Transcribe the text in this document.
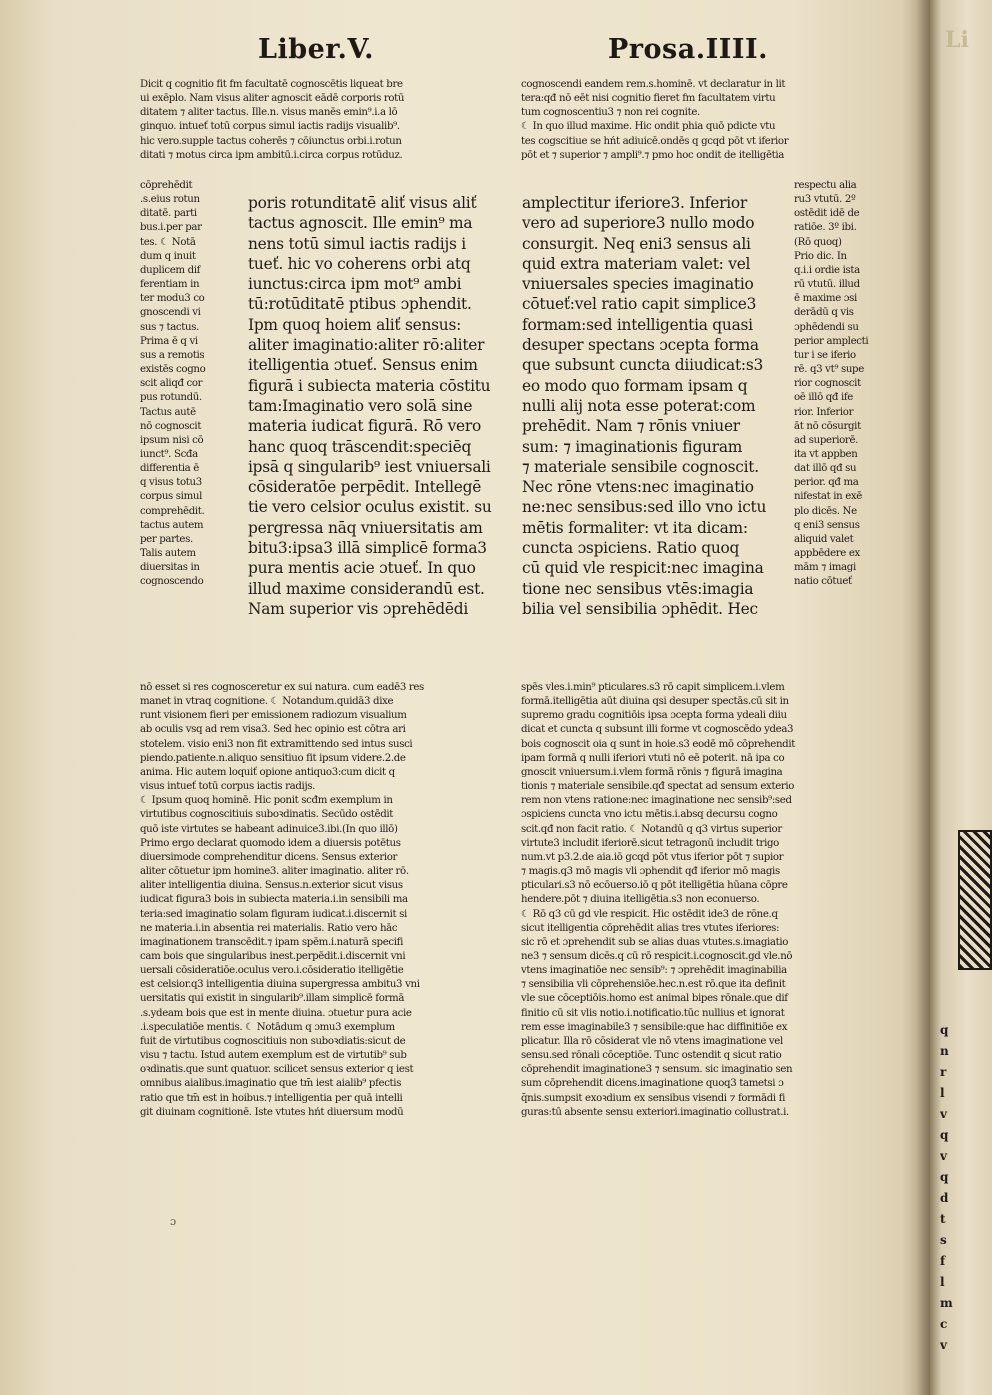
Liber.V.	Prosa.IIII.

Dicit q cognitio fit fm facultatē cognoscētis liqueat bre
ui exēplo. Nam visus aliter agnoscit eādē corporis rotū
ditatem ⁊ aliter tactus. Ille.n. visus manēs emin⁹.i.a lō
ginquo. intueť totū corpus simul iactis radijs visualib⁹.
hic vero.supple tactus coherēs ⁊ cōiunctus orbi.i.rotun
ditati ⁊ motus circa ipm ambitū.i.circa corpus rotūduz.

cognoscendi eandem rem.s.hominē. vt declaratur in lit
tera:qđ nō eēt nisi cognitio fieret fm facultatem virtu
tum cognoscentiu3 ⁊ non rei cognite.
☾ In quo illud maxime. Hic ondit phia quō pdicte vtu
tes cogscitiue se hńt adiuicē.ondēs q gcqd pōt vt iferior
pōt et ⁊ superior ⁊ ampli⁹.⁊ pmo hoc ondit de itelligētia

cōprehēdit
.s.eius rotun
ditatē. parti
bus.i.per par
tes. ☾ Notā
dum q inuit
duplicem dif
ferentiam in
ter modu3 co
gnoscendi vi
sus ⁊ tactus.
Prima ē q vi
sus a remotis
existēs cogno
scit aliqđ cor
pus rotundū.
Tactus autē
nō cognoscit
ipsum nisi cō
iunct⁹. Scđa
differentia ē
q visus totu3
corpus simul
comprehēdit.
tactus autem
per partes.
Talis autem
diuersitas in
cognoscendo

poris rotunditatē aliť visus aliť
tactus agnoscit. Ille emin⁹ ma
nens totū simul iactis radijs i
tueť. hic vo coherens orbi atq
iunctus:circa ipm mot⁹ ambi
tū:rotūditatē ptibus ɔphendit.
Ipm quoq hoiem aliť sensus:
aliter imaginatio:aliter rō:aliter
itelligentia ɔtueť. Sensus enim
figurā i subiecta materia cōstitu
tam:Imaginatio vero solā sine
materia iudicat figurā. Rō vero
hanc quoq trāscendit:speciēq
ipsā q singularib⁹ iest vniuersali
cōsideratōe perpēdit. Intellegē
tie vero celsior oculus existit. su
pergressa nāq vniuersitatis am
bitu3:ipsa3 illā simplicē forma3
pura mentis acie ɔtueť. In quo
illud maxime considerandū est.
Nam superior vis ɔprehēdēdi

amplectitur iferiore3. Inferior
vero ad superiore3 nullo modo
consurgit. Neq eni3 sensus ali
quid extra materiam valet: vel
vniuersales species imaginatio
cōtueť:vel ratio capit simplice3
formam:sed intelligentia quasi
desuper spectans ɔcepta forma
que subsunt cuncta diiudicat:s3
eo modo quo formam ipsam q
nulli alij nota esse poterat:com
prehēdit. Nam ⁊ rōnis vniuer
sum: ⁊ imaginationis figuram
⁊ materiale sensibile cognoscit.
Nec rōne vtens:nec imaginatio
ne:nec sensibus:sed illo vno ictu
mētis formaliter: vt ita dicam:
cuncta ɔspiciens. Ratio quoq
cū quid vle respicit:nec imagina
tione nec sensibus vtēs:imagia
bilia vel sensibilia ɔphēdit. Hec

respectu alia
ru3 vtutū. 2º
ostēdit idē de
ratiōe. 3º ibi.
(Rō quoq)
Prio dic. In
q.i.i ordie ista
rū vtutū. illud
ē maxime ɔsi
derādū q vis
ɔphēdendi su
perior amplecti
tur i se iferio
rē. q3 vt⁹ supe
rior cognoscit
oē illō qđ ife
rior. Inferior
āt nō cōsurgit
ad superiorē.
ita vt appben
dat illō qđ su
perior. qđ ma
nifestat in exē
plo dicēs. Ne
q eni3 sensus
aliquid valet
appbēdere ex
mām ⁊ imagi
natio cōtueť

nō esset si res cognosceretur ex sui natura. cum eadē3 res
manet in vtraq cognitione. ☾ Notandum.quidā3 dixe
runt visionem fieri per emissionem radiozum visualium
ab oculis vsq ad rem visa3. Sed hec opinio est cōtra ari
stotelem. visio eni3 non fit extramittendo sed intus susci
piendo.patiente.n.aliquo sensitiuo fit ipsum videre.2.de
anima. Hic autem loquiť opione antiquo3:cum dicit q
visus intueť totū corpus iactis radijs.
☾ Ipsum quoq hominē. Hic ponit scđm exemplum in
virtutibus cognoscitiuis suboꝛdinatis. Secūdo ostēdit
quō iste virtutes se habeant adinuice3.ibi.(In quo illō)
Primo ergo declarat quomodo idem a diuersis potētus
diuersimode comprehenditur dicens. Sensus exterior
aliter cōtuetur ipm homine3. aliter imaginatio. aliter rō.
aliter intelligentia diuina. Sensus.n.exterior sicut visus
iudicat figura3 bois in subiecta materia.i.in sensibili ma
teria:sed imaginatio solam figuram iudicat.i.discernit si
ne materia.i.in absentia rei materialis. Ratio vero hāc
imaginationem transcēdit.⁊ ipam spēm.i.naturā specifi
cam bois que singularibus inest.perpēdit.i.discernit vni
uersali cōsideratiōe.oculus vero.i.cōsideratio itelligētie
est celsior.q3 intelligentia diuina supergressa ambitu3 vni
uersitatis qui existit in singularib⁹.illam simplicē formā
.s.ydeam bois que est in mente diuina. ɔtuetur pura acie
.i.speculatiōe mentis. ☾ Notādum q ɔmu3 exemplum
fuit de virtutibus cognoscitiuis non suboꝛdiatis:sicut de
visu ⁊ tactu. Istud autem exemplum est de virtutib⁹ sub
oꝛdinatis.que sunt quatuor. scilicet sensus exterior q iest
omnibus aialibus.imaginatio que tm̄ iest aialib⁹ pfectis
ratio que tm̄ est in hoibus.⁊ intelligentia per quā intelli
git diuinam cognitionē. Iste vtutes hńt diuersum modū

spēs vles.i.min⁹ pticulares.s3 rō capit simplicem.i.vlem
formā.itelligētia aūt diuina qsi desuper spectās.cū sit in
supremo gradu cognitiōis ipsa ɔcepta forma ydeali diiu
dicat et cuncta q subsunt illi forme vt cognoscēdo ydea3
bois cognoscit oia q sunt in hoie.s3 eodē mō cōprehendit
ipam formā q nulli iferiori vtuti nō eē poterit. nā ipa co
gnoscit vniuersum.i.vlem formā rōnis ⁊ figurā imagina
tionis ⁊ materiale sensibile.qđ spectat ad sensum exterio
rem non vtens ratione:nec imaginatione nec sensib⁹:sed
ɔspiciens cuncta vno ictu mētis.i.absq decursu cogno
scit.qđ non facit ratio. ☾ Notandū q q3 virtus superior
virtute3 includit iferiorē.sicut tetragonū includit trigo
num.vt p3.2.de aia.iō gcqd pōt vtus iferior pōt ⁊ supior
⁊ magis.q3 mō magis vli ɔphendit qđ iferior mō magis
pticulari.s3 nō ecōuerso.iō q pōt itelligētia hūana cōpre
hendere.pōt ⁊ diuina itelligētia.s3 non econuerso.
☾ Rō q3 cū gd vle respicit. Hic ostēdit ide3 de rōne.q
sicut itelligentia cōprehēdit alias tres vtutes iferiores:
sic rō et ɔprehendit sub se alias duas vtutes.s.imagiatio
ne3 ⁊ sensum dicēs.q cū rō respicit.i.cognoscit.gd vle.nō
vtens imaginatiōe nec sensib⁹: ⁊ ɔprehēdit imaginabilia
⁊ sensibilia vli cōprehensiōe.hec.n.est rō.que ita definit
vle sue cōceptiōis.homo est animal bipes rōnale.que dif
finitio cū sit vlis notio.i.notificatio.tūc nullius et ignorat
rem esse imaginabile3 ⁊ sensibile:que hac diffinitiōe ex
plicatur. Illa rō cōsiderat vle nō vtens imaginatione vel
sensu.sed rōnali cōceptiōe. Tunc ostendit q sicut ratio
cōprehendit imaginatione3 ⁊ sensum. sic imaginatio sen
sum cōprehendit dicens.imaginatione quoq3 tametsi ɔ
q̄nis.sumpsit exoꝛdium ex sensibus visendi ⁊ formādi fi
guras:tū absente sensu exteriori.imaginatio collustrat.i.

ɔ
Li
q
n
r
l
v
q
v
q
d
t
s
f
l
m
c
v
